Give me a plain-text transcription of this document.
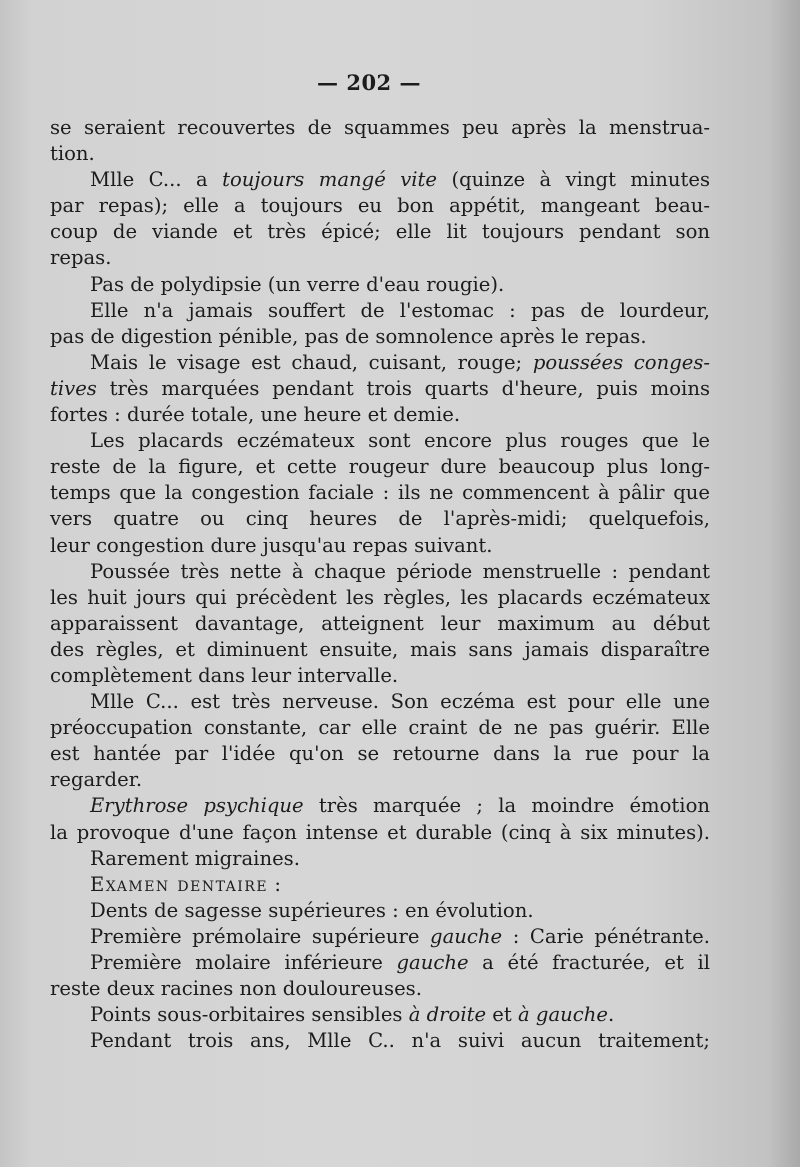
— 202 —
se seraient recouvertes de squammes peu après la menstrua-
tion.
Mlle C... a toujours mangé vite (quinze à vingt minutes
par repas); elle a toujours eu bon appétit, mangeant beau-
coup de viande et très épicé; elle lit toujours pendant son
repas.
Pas de polydipsie (un verre d'eau rougie).
Elle n'a jamais souffert de l'estomac : pas de lourdeur,
pas de digestion pénible, pas de somnolence après le repas.
Mais le visage est chaud, cuisant, rouge; poussées conges-
tives très marquées pendant trois quarts d'heure, puis moins
fortes : durée totale, une heure et demie.
Les placards eczémateux sont encore plus rouges que le
reste de la figure, et cette rougeur dure beaucoup plus long-
temps que la congestion faciale : ils ne commencent à pâlir que
vers quatre ou cinq heures de l'après-midi; quelquefois,
leur congestion dure jusqu'au repas suivant.
Poussée très nette à chaque période menstruelle : pendant
les huit jours qui précèdent les règles, les placards eczémateux
apparaissent davantage, atteignent leur maximum au début
des règles, et diminuent ensuite, mais sans jamais disparaître
complètement dans leur intervalle.
Mlle C... est très nerveuse. Son eczéma est pour elle une
préoccupation constante, car elle craint de ne pas guérir. Elle
est hantée par l'idée qu'on se retourne dans la rue pour la
regarder.
Erythrose psychique très marquée ; la moindre émotion
la provoque d'une façon intense et durable (cinq à six minutes).
Rarement migraines.
Examen dentaire :
Dents de sagesse supérieures : en évolution.
Première prémolaire supérieure gauche : Carie pénétrante.
Première molaire inférieure gauche a été fracturée, et il
reste deux racines non douloureuses.
Points sous-orbitaires sensibles à droite et à gauche.
Pendant trois ans, Mlle C.. n'a suivi aucun traitement;
